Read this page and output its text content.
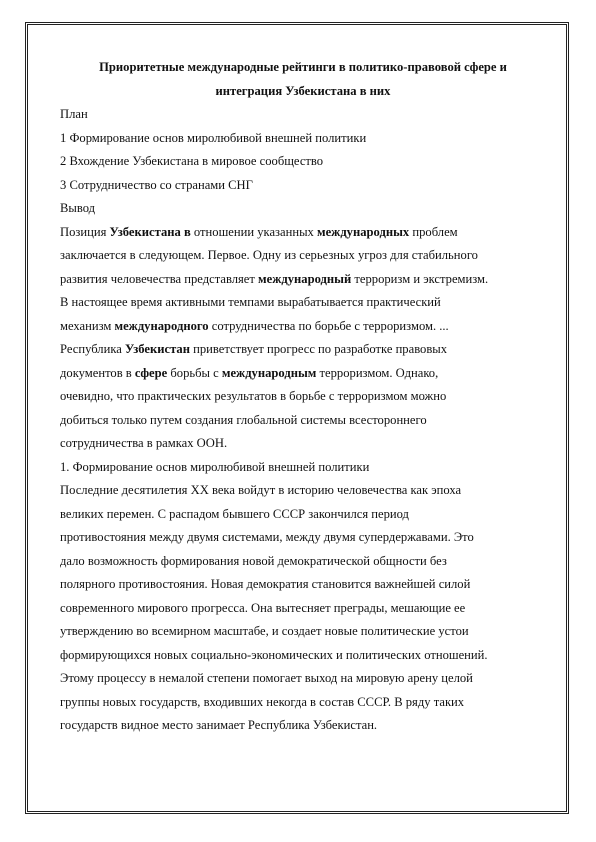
Приоритетные международные рейтинги в политико-правовой сфере и

интеграция Узбекистана в них

План

1 Формирование основ миролюбивой внешней политики

2 Вхождение Узбекистана в мировое сообщество

3 Сотрудничество со странами СНГ

Вывод

Позиция Узбекистана в отношении указанных международных проблем

заключается в следующем. Первое. Одну из серьезных угроз для стабильного

развития человечества представляет международный терроризм и экстремизм.

В настоящее время активными темпами вырабатывается практический

механизм международного сотрудничества по борьбе с терроризмом. ...

Республика Узбекистан приветствует прогресс по разработке правовых

документов в сфере борьбы с международным терроризмом. Однако,

очевидно, что практических результатов в борьбе с терроризмом можно

добиться только путем создания глобальной системы всестороннего

сотрудничества в рамках ООН.

1. Формирование основ миролюбивой внешней политики

Последние десятилетия XX века войдут в историю человечества как эпоха

великих перемен. С распадом бывшего СССР закончился период

противостояния между двумя системами, между двумя супердержавами. Это

дало возможность формирования новой демократической общности без

полярного противостояния. Новая демократия становится важнейшей силой

современного мирового прогресса. Она вытесняет преграды, мешающие ее

утверждению во всемирном масштабе, и создает новые политические устои

формирующихся новых социально-экономических и политических отношений.

Этому процессу в немалой степени помогает выход на мировую арену целой

группы новых государств, входивших некогда в состав СССР. В ряду таких

государств видное место занимает Республика Узбекистан.
